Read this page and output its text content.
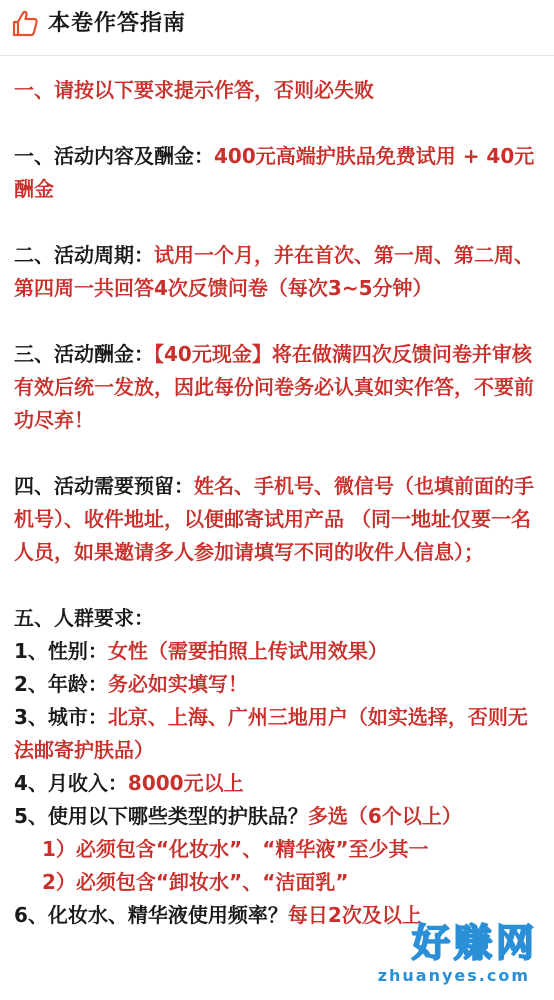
本卷作答指南
一、请按以下要求提示作答，否则必失败
一、活动内容及酬金：400元高端护肤品免费试用 + 40元酬金
二、活动周期：试用一个月，并在首次、第一周、第二周、第四周一共回答4次反馈问卷（每次3~5分钟）
三、活动酬金：【40元现金】将在做满四次反馈问卷并审核有效后统一发放，因此每份问卷务必认真如实作答，不要前功尽弃！
四、活动需要预留：姓名、手机号、微信号（也填前面的手机号）、收件地址，以便邮寄试用产品 （同一地址仅要一名人员，如果邀请多人参加请填写不同的收件人信息）；
五、人群要求：
1、性别：女性（需要拍照上传试用效果）
2、年龄：务必如实填写！
3、城市：北京、上海、广州三地用户（如实选择，否则无法邮寄护肤品）
4、月收入：8000元以上
5、使用以下哪些类型的护肤品？多选（6个以上）
1）必须包含“化妆水”、“精华液”至少其一
2）必须包含“卸妆水”、“洁面乳”
6、化妆水、精华液使用频率？每日2次及以上
好赚网
zhuanyes.com
